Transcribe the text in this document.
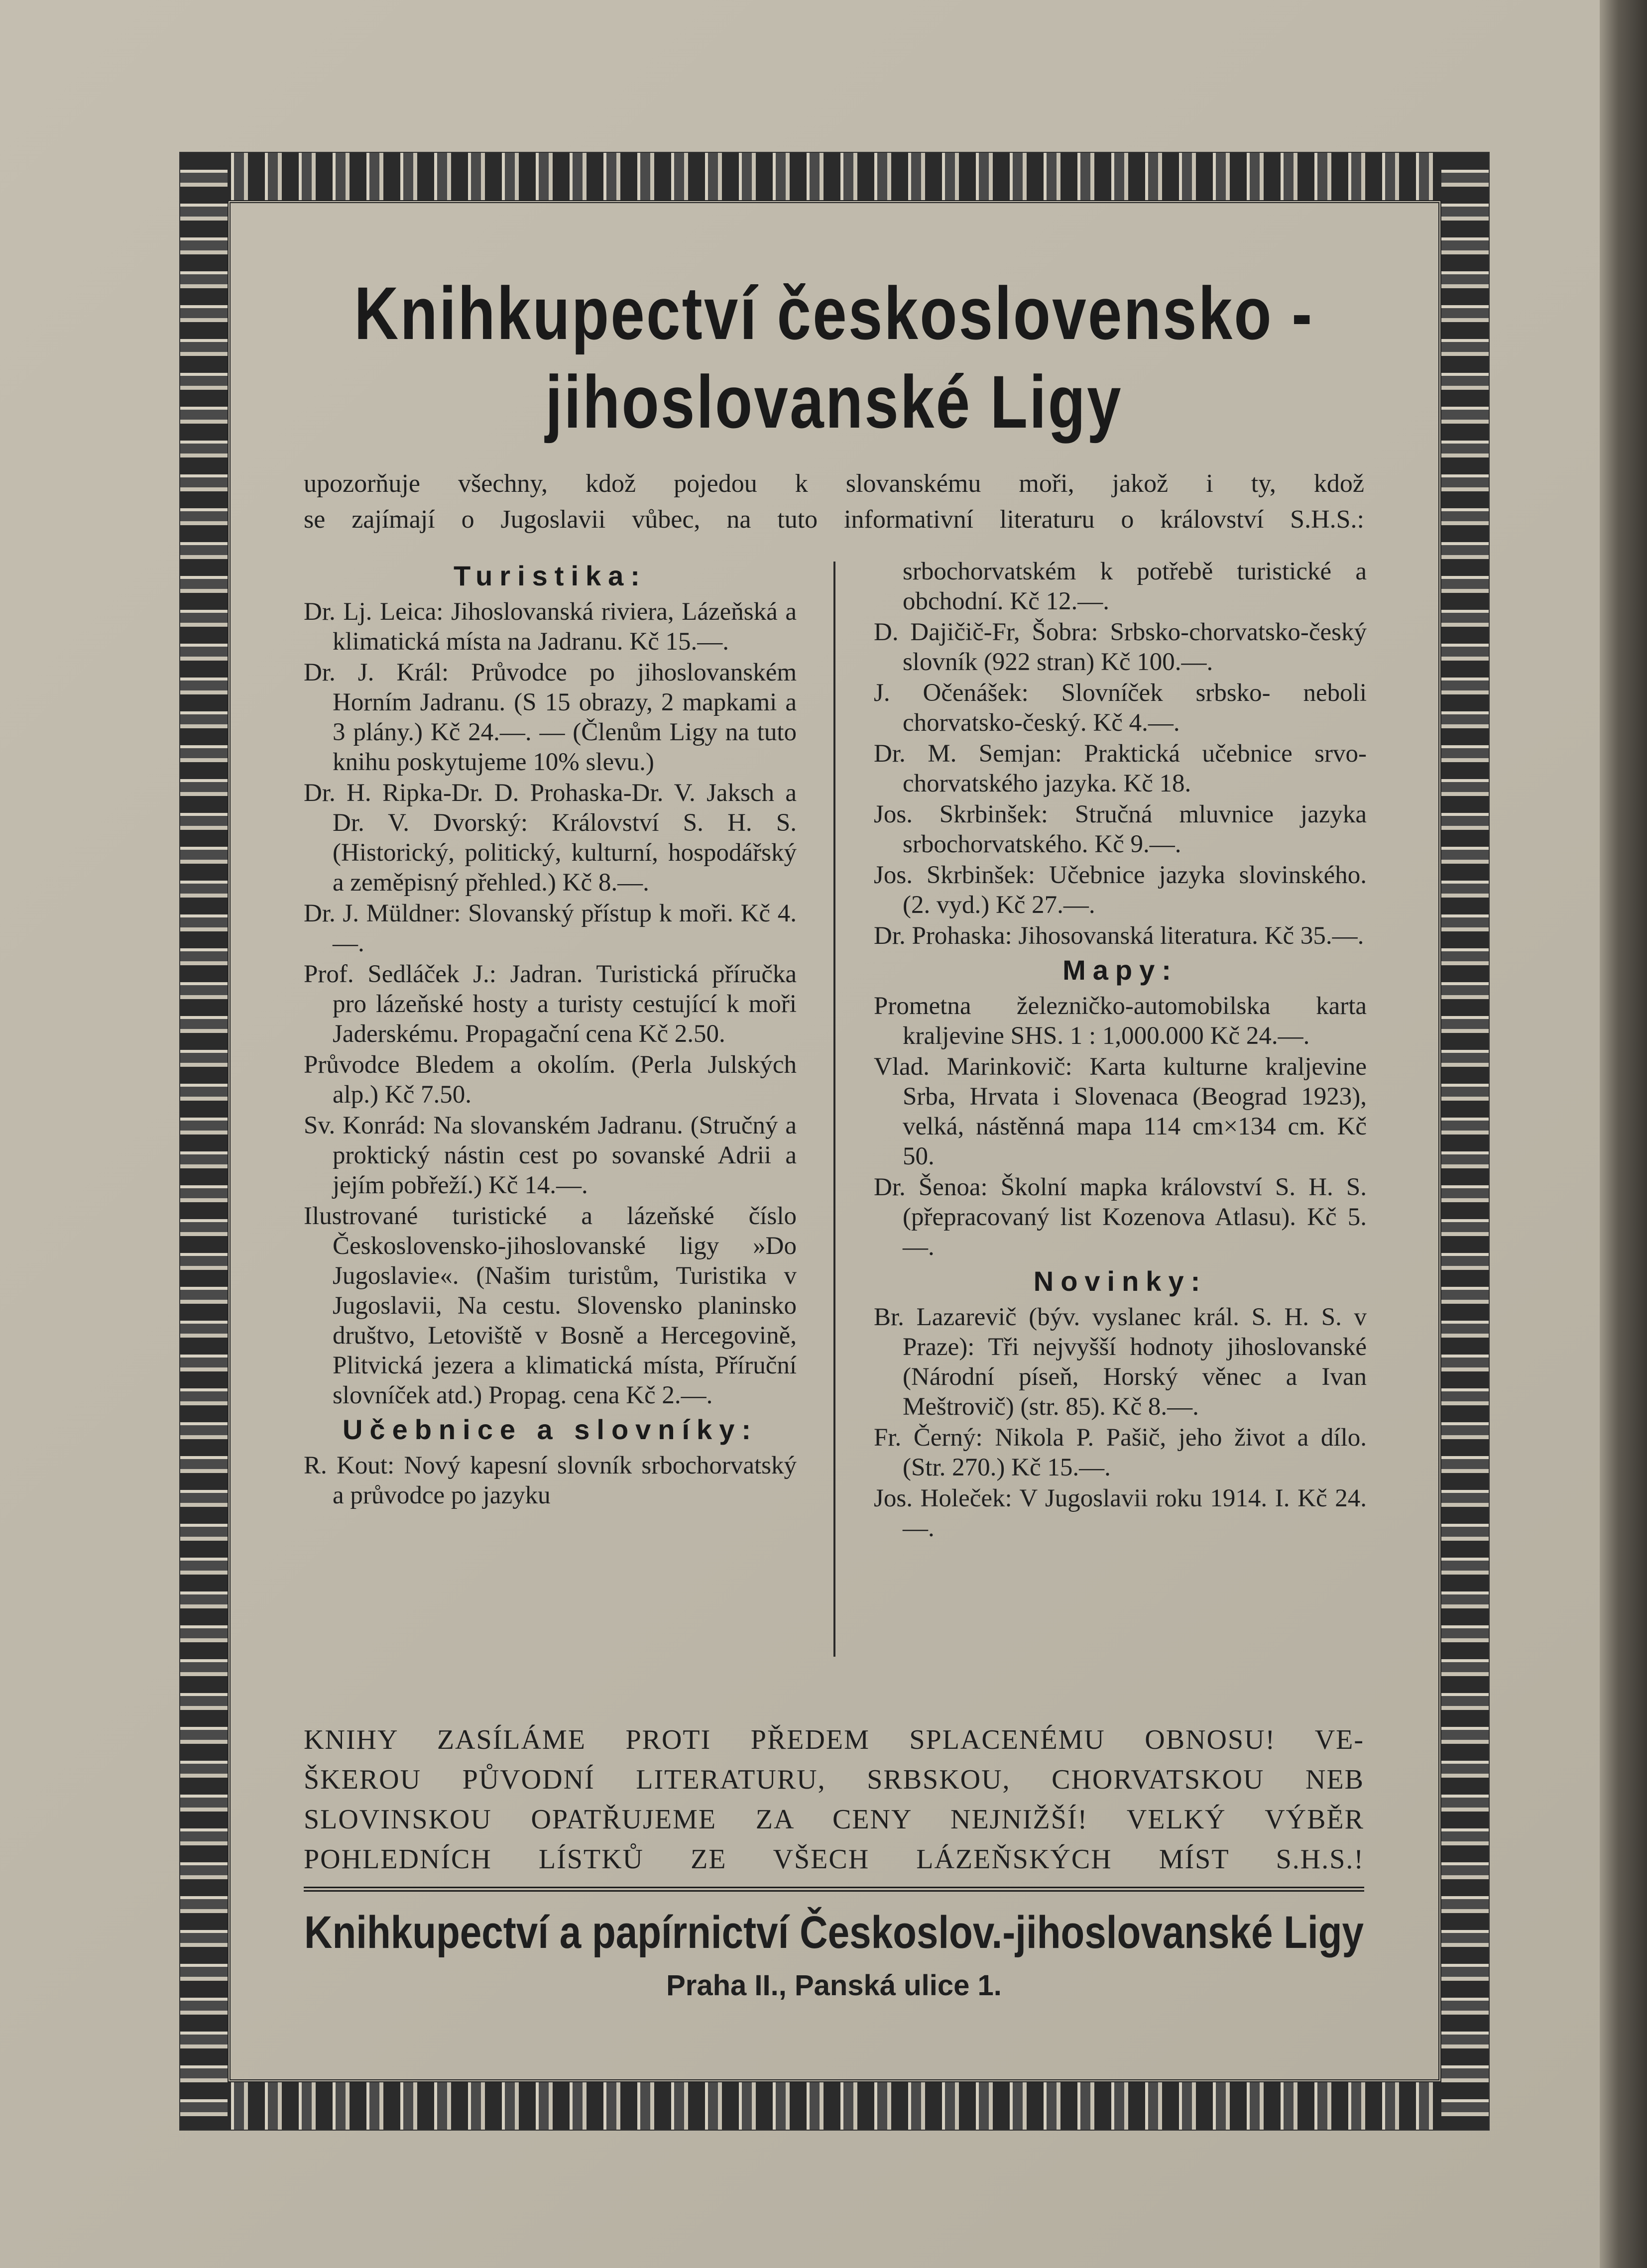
Knihkupectví československo -
jihoslovanské Ligy
upozorňuje všechny, kdož pojedou k slovanskému moři, jakož i ty, kdož
se zajímají o Jugoslavii vůbec, na tuto informativní literaturu o království S.H.S.:
Turistika:
Dr. Lj. Leica: Jihoslovanská riviera, Lázeňská a klimatická místa na Jadranu. Kč 15.—.
Dr. J. Král: Průvodce po jihoslovanském Horním Jadranu. (S 15 obrazy, 2 mapkami a 3 plány.) Kč 24.—. — (Členům Ligy na tuto knihu poskytujeme 10% slevu.)
Dr. H. Ripka-Dr. D. Prohaska-Dr. V. Jaksch a Dr. V. Dvorský: Království S. H. S. (Historický, politický, kulturní, hospodářský a zeměpisný přehled.) Kč 8.—.
Dr. J. Müldner: Slovanský přístup k moři. Kč 4.—.
Prof. Sedláček J.: Jadran. Turistická příručka pro lázeňské hosty a turisty cestující k moři Jaderskému. Propagační cena Kč 2.50.
Průvodce Bledem a okolím. (Perla Julských alp.) Kč 7.50.
Sv. Konrád: Na slovanském Jadranu. (Stručný a proktický nástin cest po sovanské Adrii a jejím pobřeží.) Kč 14.—.
Ilustrované turistické a lázeňské číslo Československo-jihoslovanské ligy »Do Jugoslavie«. (Našim turistům, Turistika v Jugoslavii, Na cestu. Slovensko planinsko društvo, Letoviště v Bosně a Hercegovině, Plitvická jezera a klimatická místa, Příruční slovníček atd.) Propag. cena Kč 2.—.
Učebnice a slovníky:
R. Kout: Nový kapesní slovník srbochorvatský a průvodce po jazyku
srbochorvatském k potřebě turistické a obchodní. Kč 12.—.
D. Dajičič-Fr, Šobra: Srbsko-chorvatsko-český slovník (922 stran) Kč 100.—.
J. Očenášek: Slovníček srbsko- neboli chorvatsko-český. Kč 4.—.
Dr. M. Semjan: Praktická učebnice srvo-chorvatského jazyka. Kč 18.
Jos. Skrbinšek: Stručná mluvnice jazyka srbochorvatského. Kč 9.—.
Jos. Skrbinšek: Učebnice jazyka slovinského. (2. vyd.) Kč 27.—.
Dr. Prohaska: Jihosovanská literatura. Kč 35.—.
Mapy:
Prometna železničko-automobilska karta kraljevine SHS. 1 : 1,000.000 Kč 24.—.
Vlad. Marinkovič: Karta kulturne kraljevine Srba, Hrvata i Slovenaca (Beograd 1923), velká, nástěnná mapa 114 cm×134 cm. Kč 50.
Dr. Šenoa: Školní mapka království S. H. S. (přepracovaný list Kozenova Atlasu). Kč 5.—.
Novinky:
Br. Lazarevič (býv. vyslanec král. S. H. S. v Praze): Tři nejvyšší hodnoty jihoslovanské (Národní píseň, Horský věnec a Ivan Meštrovič) (str. 85). Kč 8.—.
Fr. Černý: Nikola P. Pašič, jeho život a dílo. (Str. 270.) Kč 15.—.
Jos. Holeček: V Jugoslavii roku 1914. I. Kč 24.—.
KNIHY ZASÍLÁME PROTI PŘEDEM SPLACENÉMU OBNOSU! VE-
ŠKEROU PŮVODNÍ LITERATURU, SRBSKOU, CHORVATSKOU NEB
SLOVINSKOU OPATŘUJEME ZA CENY NEJNIŽŠÍ! VELKÝ VÝBĚR
POHLEDNÍCH LÍSTKŮ ZE VŠECH LÁZEŇSKÝCH MÍST S.H.S.!
Knihkupectví a papírnictví Českoslov.-jihoslovanské Ligy
Praha II., Panská ulice 1.
